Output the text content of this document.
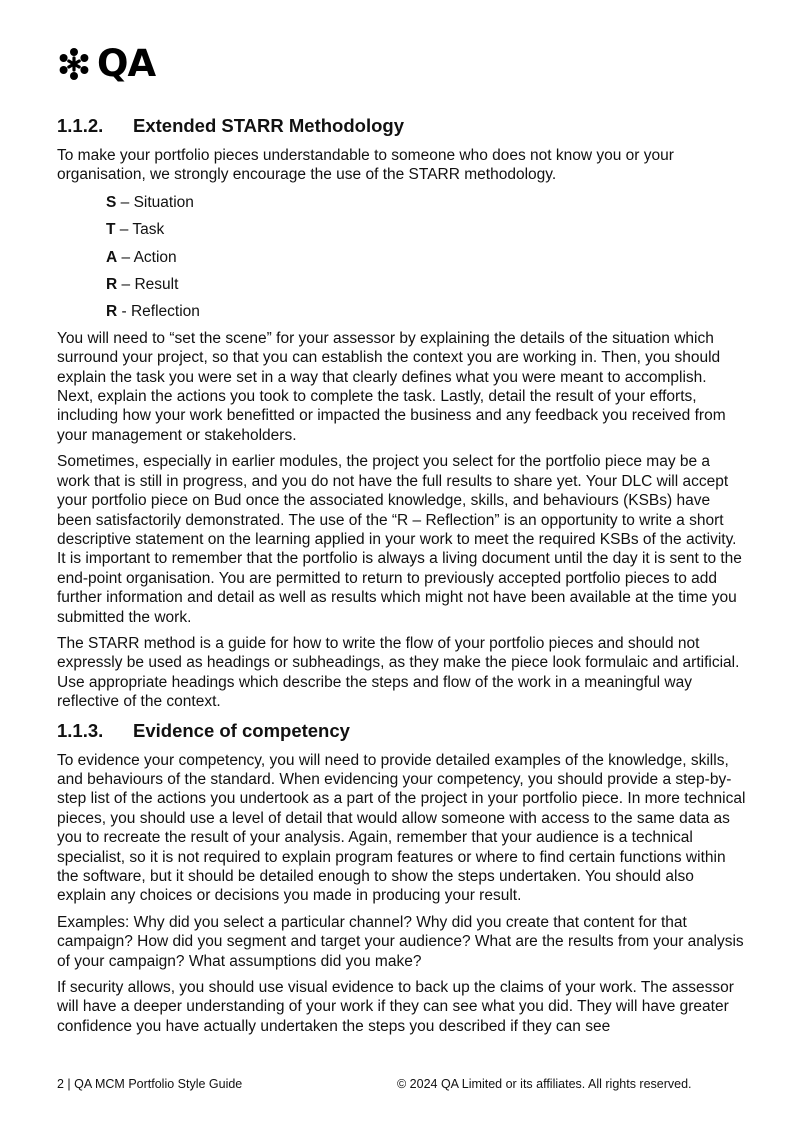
QA
1.1.2.	Extended STARR Methodology

To make your portfolio pieces understandable to someone who does not know you or your organisation, we strongly encourage the use of the STARR methodology.

S – Situation
T – Task
A – Action
R – Result
R - Reflection

You will need to “set the scene” for your assessor by explaining the details of the situation which surround your project, so that you can establish the context you are working in. Then, you should explain the task you were set in a way that clearly defines what you were meant to accomplish. Next, explain the actions you took to complete the task. Lastly, detail the result of your efforts, including how your work benefitted or impacted the business and any feedback you received from your management or stakeholders.

Sometimes, especially in earlier modules, the project you select for the portfolio piece may be a work that is still in progress, and you do not have the full results to share yet. Your DLC will accept your portfolio piece on Bud once the associated knowledge, skills, and behaviours (KSBs) have been satisfactorily demonstrated. The use of the “R – Reflection” is an opportunity to write a short descriptive statement on the learning applied in your work to meet the required KSBs of the activity. It is important to remember that the portfolio is always a living document until the day it is sent to the end-point organisation. You are permitted to return to previously accepted portfolio pieces to add further information and detail as well as results which might not have been available at the time you submitted the work.

The STARR method is a guide for how to write the flow of your portfolio pieces and should not expressly be used as headings or subheadings, as they make the piece look formulaic and artificial. Use appropriate headings which describe the steps and flow of the work in a meaningful way reflective of the context.

1.1.3.	Evidence of competency

To evidence your competency, you will need to provide detailed examples of the knowledge, skills, and behaviours of the standard. When evidencing your competency, you should provide a step-by-step list of the actions you undertook as a part of the project in your portfolio piece. In more technical pieces, you should use a level of detail that would allow someone with access to the same data as you to recreate the result of your analysis. Again, remember that your audience is a technical specialist, so it is not required to explain program features or where to find certain functions within the software, but it should be detailed enough to show the steps undertaken. You should also explain any choices or decisions you made in producing your result.

Examples: Why did you select a particular channel? Why did you create that content for that campaign? How did you segment and target your audience? What are the results from your analysis of your campaign? What assumptions did you make?

If security allows, you should use visual evidence to back up the claims of your work. The assessor will have a deeper understanding of your work if they can see what you did. They will have greater confidence you have actually undertaken the steps you described if they can see

2 | QA MCM Portfolio Style Guide	© 2024 QA Limited or its affiliates. All rights reserved.
